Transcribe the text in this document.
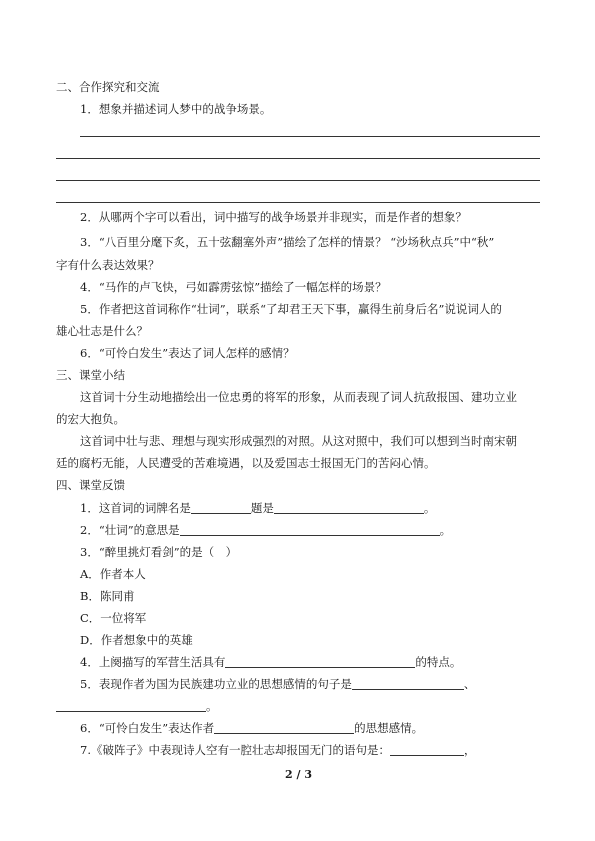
二、合作探究和交流
1．想象并描述词人梦中的战争场景。
2．从哪两个字可以看出，词中描写的战争场景并非现实，而是作者的想象？
3．“八百里分麾下炙，五十弦翻塞外声”描绘了怎样的情景？ “沙场秋点兵”中“秋”
字有什么表达效果？
4．“马作的卢飞快，弓如霹雳弦惊”描绘了一幅怎样的场景？
5．作者把这首词称作“壮词”，联系“了却君王天下事，赢得生前身后名”说说词人的
雄心壮志是什么？
6．“可怜白发生”表达了词人怎样的感情？
三、课堂小结
这首词十分生动地描绘出一位忠勇的将军的形象，从而表现了词人抗敌报国、建功立业
的宏大抱负。
这首词中壮与悲、理想与现实形成强烈的对照。从这对照中，我们可以想到当时南宋朝
廷的腐朽无能，人民遭受的苦难境遇，以及爱国志士报国无门的苦闷心情。
四、课堂反馈
1．这首词的词牌名是	题是	。
2．“壮词”的意思是	。
3．“醉里挑灯看剑”的是（　）
A．作者本人
B．陈同甫
C．一位将军
D．作者想象中的英雄
4．上阕描写的军营生活具有	的特点。
5．表现作者为国为民族建功立业的思想感情的句子是	、
。
6．“可怜白发生”表达作者	的思想感情。
7.《破阵子》中表现诗人空有一腔壮志却报国无门的语句是：	，
2 / 3
